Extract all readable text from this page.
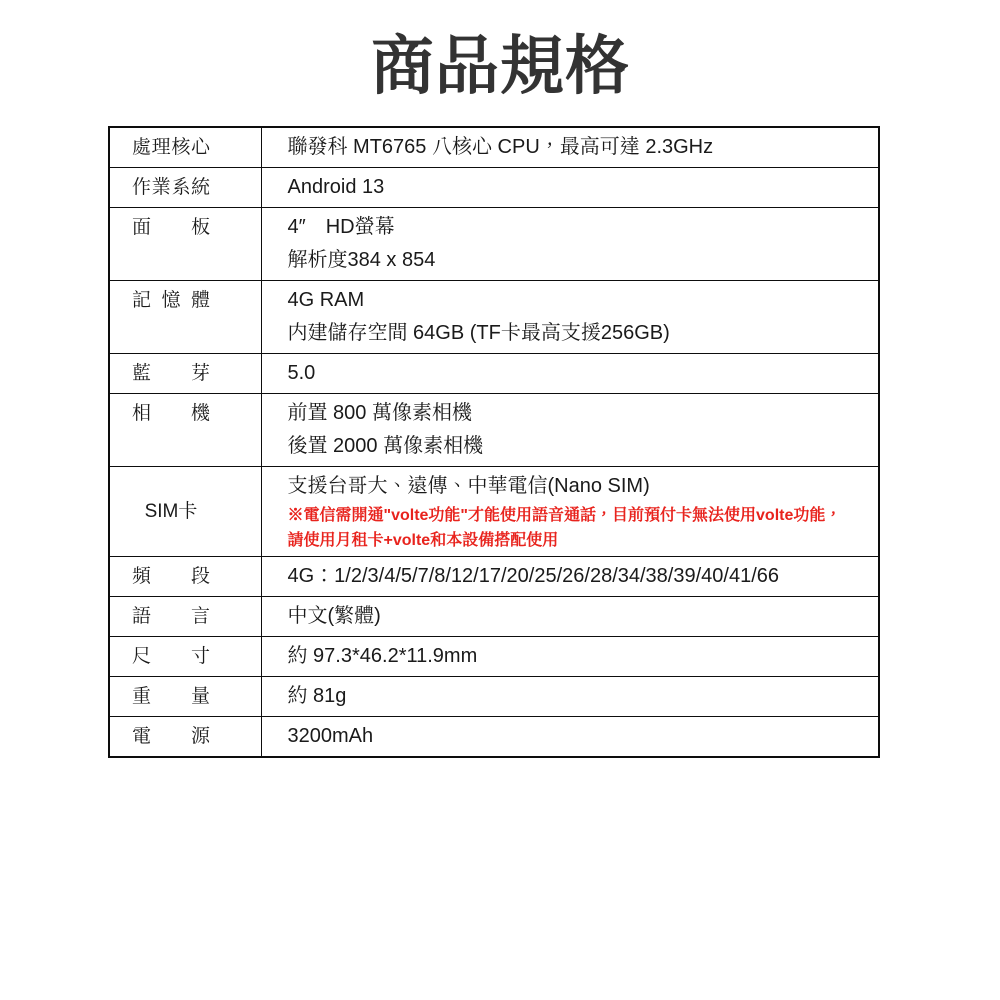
商品規格
處理核心	聯發科 MT6765 八核心 CPU，最高可達 2.3GHz

作業系統	Android 13

面板	4″　HD螢幕
解析度384 x 854

記憶體	4G RAM
内建儲存空間 64GB (TF卡最高支援256GB)

藍芽	5.0

相機	前置 800 萬像素相機
後置 2000 萬像素相機

SIM卡	支援台哥大、遠傳、中華電信(Nano SIM)
※電信需開通"volte功能"才能使用語音通話，目前預付卡無法使用volte功能，
請使用月租卡+volte和本設備搭配使用

頻段	4G：1/2/3/4/5/7/8/12/17/20/25/26/28/34/38/39/40/41/66

語言	中文(繁體)

尺寸	約 97.3*46.2*11.9mm

重量	約 81g

電源	3200mAh
